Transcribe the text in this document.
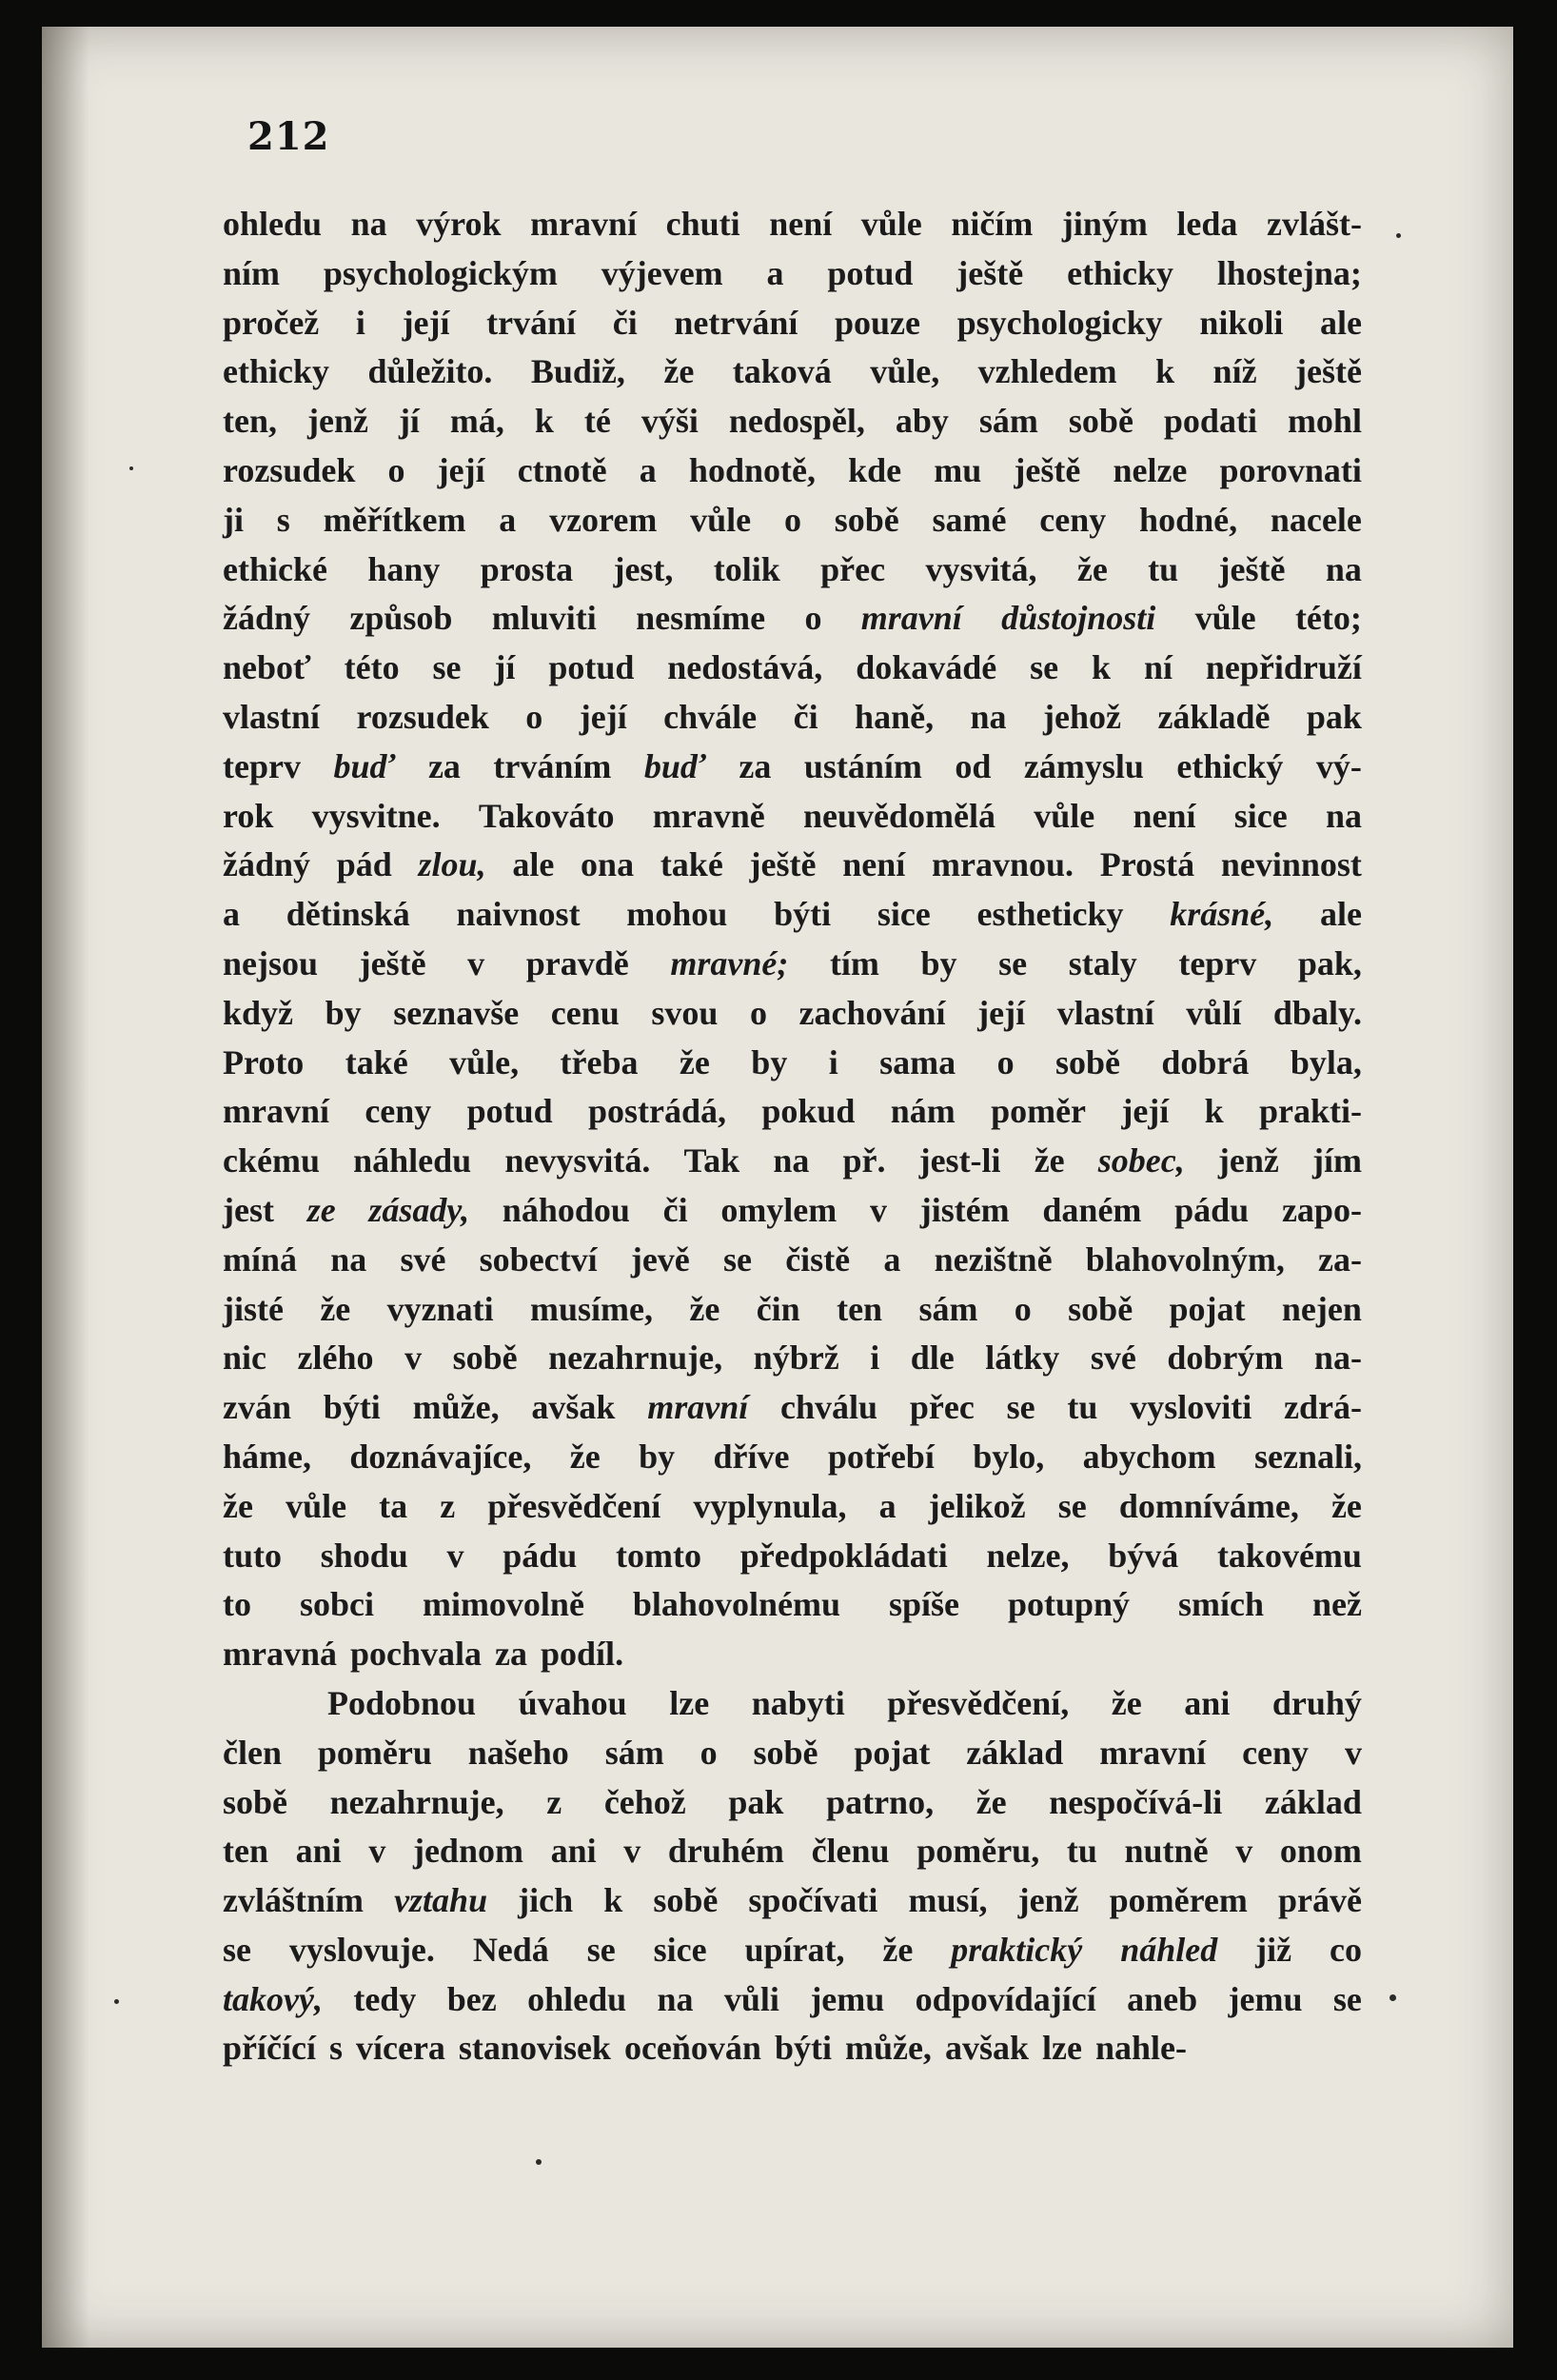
212
ohledu na výrok mravní chuti není vůle ničím jiným leda zvlášt-
ním psychologickým výjevem a potud ještě ethicky lhostejna;
pročež i její trvání či netrvání pouze psychologicky nikoli ale
ethicky důležito. Budiž, že taková vůle, vzhledem k níž ještě
ten, jenž jí má, k té výši nedospěl, aby sám sobě podati mohl
rozsudek o její ctnotě a hodnotě, kde mu ještě nelze porovnati
ji s měřítkem a vzorem vůle o sobě samé ceny hodné, nacele
ethické hany prosta jest, tolik přec vysvitá, že tu ještě na
žádný způsob mluviti nesmíme o mravní důstojnosti vůle této;
neboť této se jí potud nedostává, dokavádé se k ní nepřidruží
vlastní rozsudek o její chvále či haně, na jehož základě pak
teprv buď za trváním buď za ustáním od zámyslu ethický vý-
rok vysvitne. Takováto mravně neuvědomělá vůle není sice na
žádný pád zlou, ale ona také ještě není mravnou. Prostá nevinnost
a dětinská naivnost mohou býti sice estheticky krásné, ale
nejsou ještě v pravdě mravné; tím by se staly teprv pak,
když by seznavše cenu svou o zachování její vlastní vůlí dbaly.
Proto také vůle, třeba že by i sama o sobě dobrá byla,
mravní ceny potud postrádá, pokud nám poměr její k prakti-
ckému náhledu nevysvitá. Tak na př. jest-li že sobec, jenž jím
jest ze zásady, náhodou či omylem v jistém daném pádu zapo-
míná na své sobectví jevě se čistě a nezištně blahovolným, za-
jisté že vyznati musíme, že čin ten sám o sobě pojat nejen
nic zlého v sobě nezahrnuje, nýbrž i dle látky své dobrým na-
zván býti může, avšak mravní chválu přec se tu vysloviti zdrá-
háme, doznávajíce, že by dříve potřebí bylo, abychom seznali,
že vůle ta z přesvědčení vyplynula, a jelikož se domníváme, že
tuto shodu v pádu tomto předpokládati nelze, bývá takovému
to sobci mimovolně blahovolnému spíše potupný smích než
mravná pochvala za podíl.
Podobnou úvahou lze nabyti přesvědčení, že ani druhý
člen poměru našeho sám o sobě pojat základ mravní ceny v
sobě nezahrnuje, z čehož pak patrno, že nespočívá-li základ
ten ani v jednom ani v druhém členu poměru, tu nutně v onom
zvláštním vztahu jich k sobě spočívati musí, jenž poměrem právě
se vyslovuje. Nedá se sice upírat, že praktický náhled již co
takový, tedy bez ohledu na vůli jemu odpovídající aneb jemu se
příčící s vícera stanovisek oceňován býti může, avšak lze nahle-
